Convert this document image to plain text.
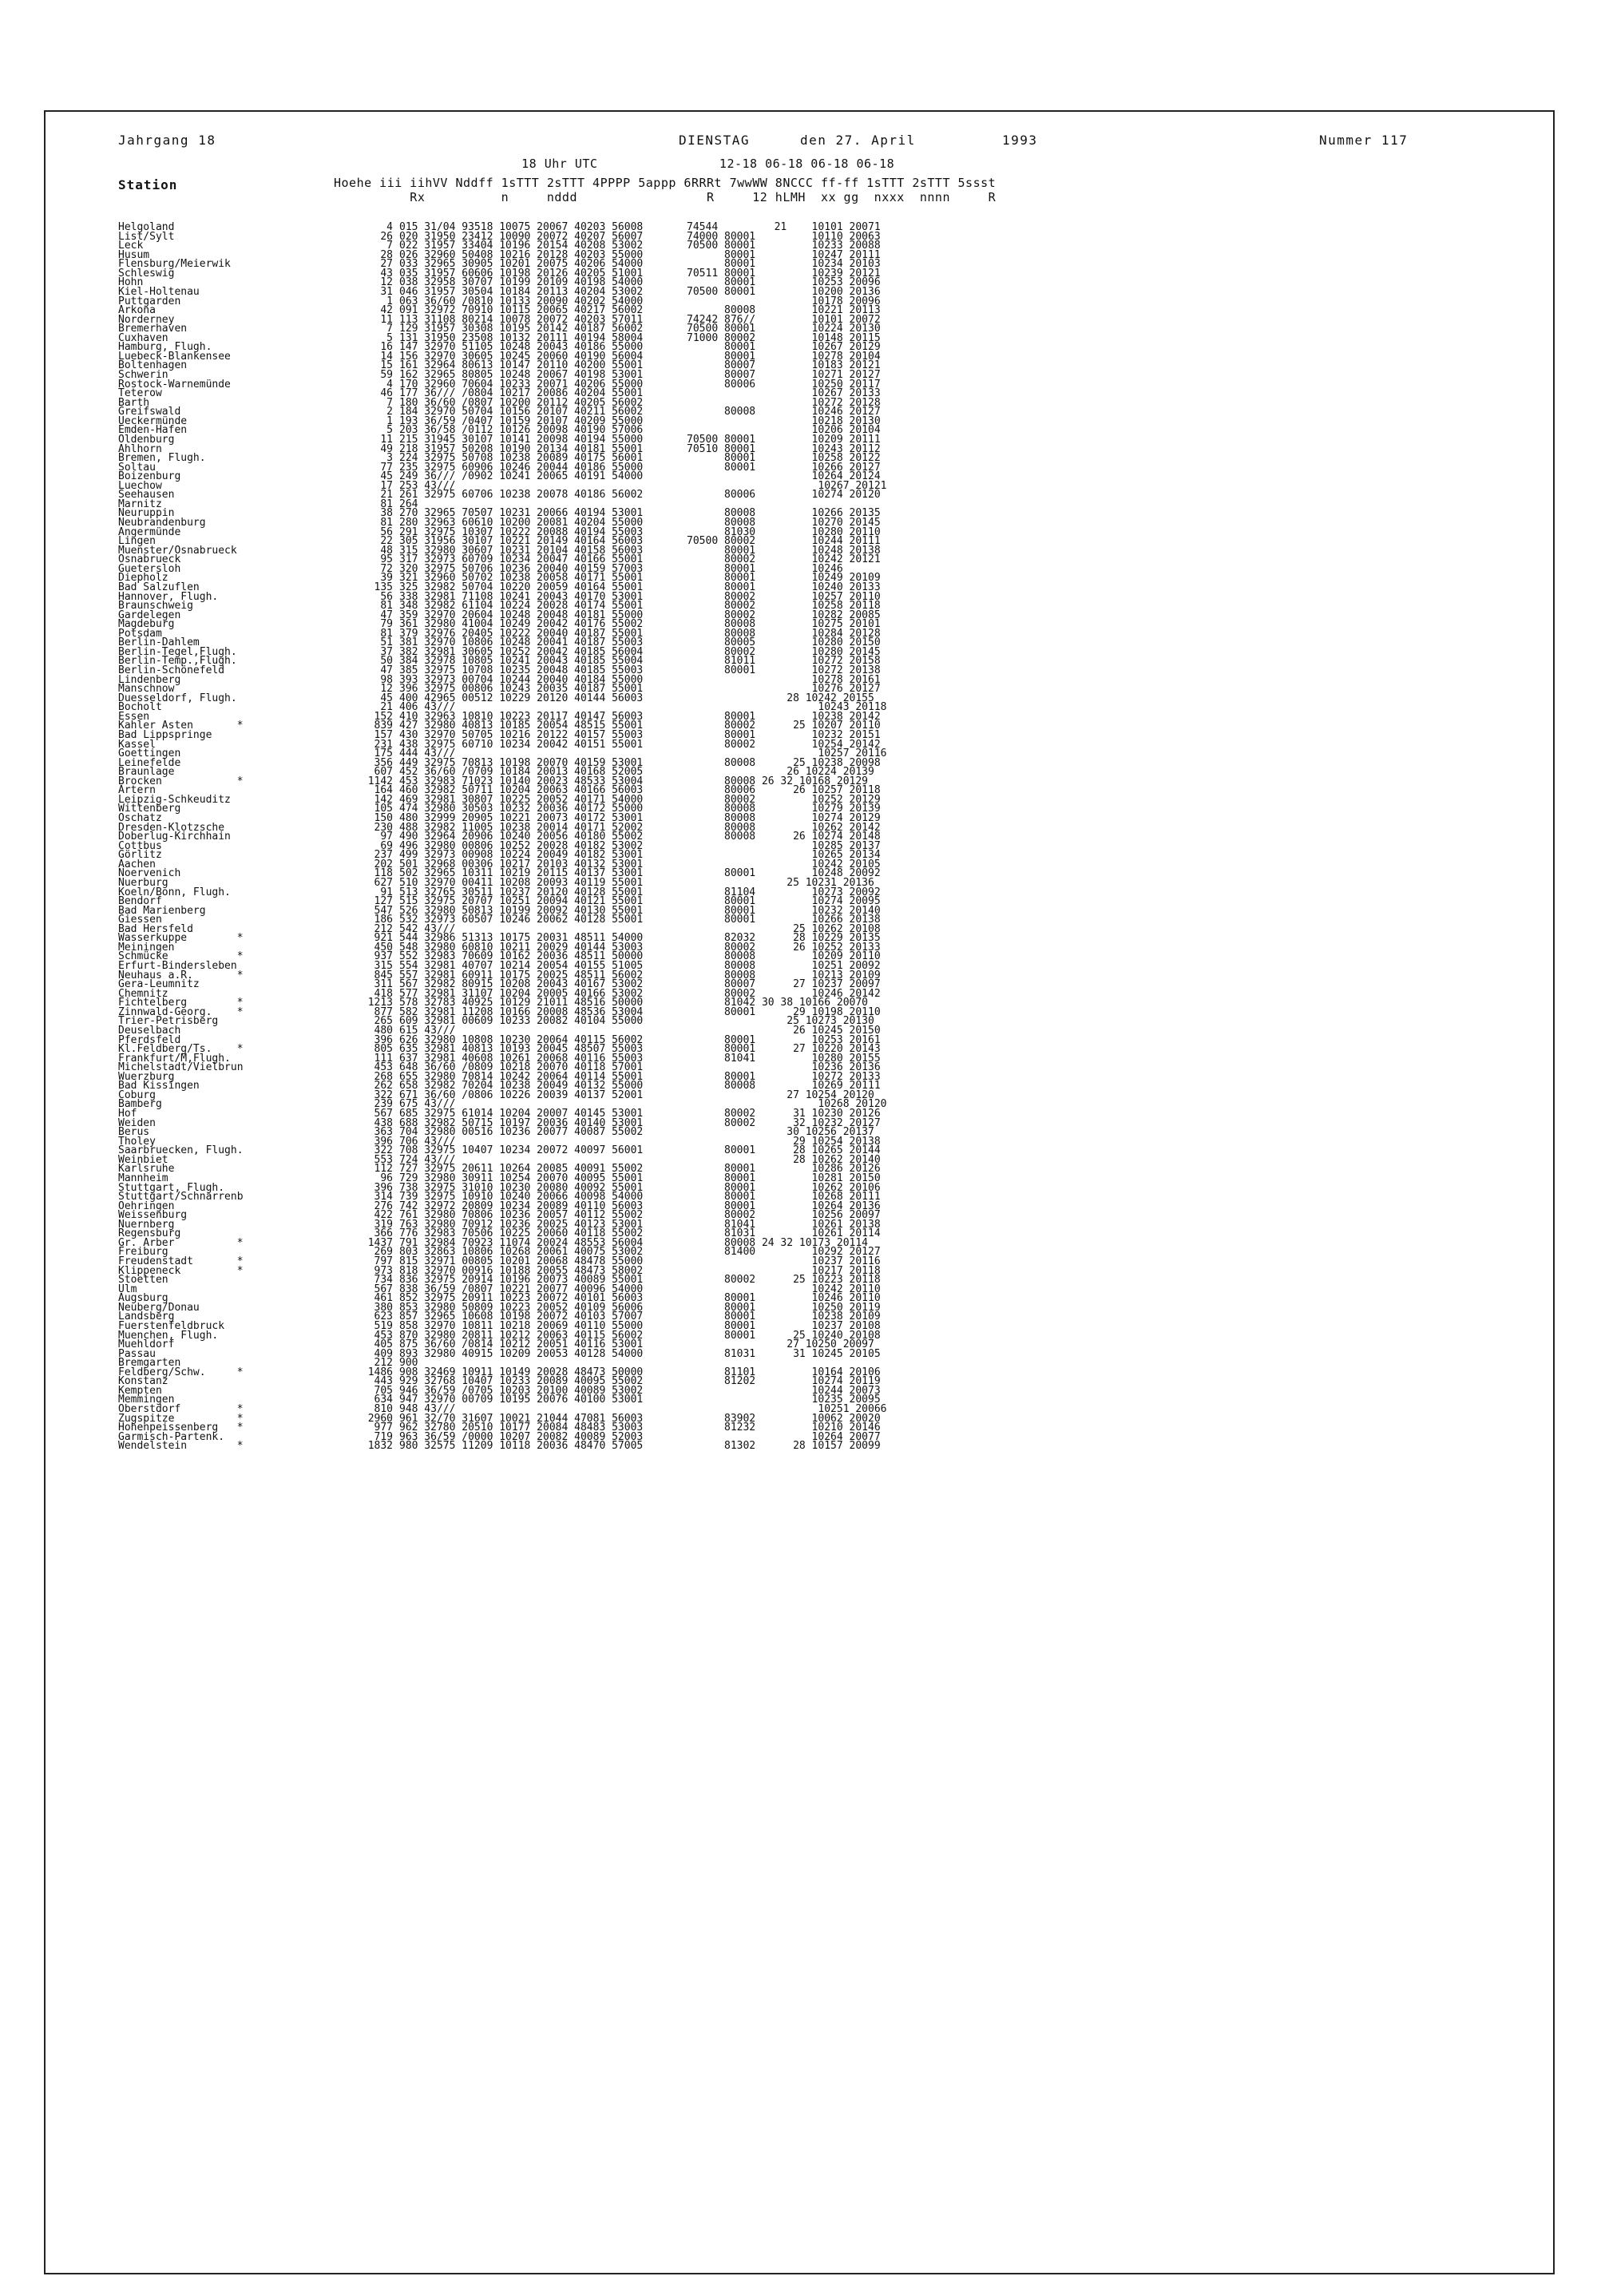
Jahrgang 18	DIENSTAG	den 27. April	1993	Nummer 117
18 Uhr UTC                12-18 06-18 06-18 06-18
Station	Hoehe iii iihVV Nddff 1sTTT 2sTTT 4PPPP 5appp 6RRRt 7wwWW 8NCCC ff-ff 1sTTT 2sTTT 5ssst
Rx          n     nddd                 R     12 hLMH  xx gg  nxxx  nnnn     R
Helgoland	4 015 31/04 93518 10075 20067 40203 56008       74544         21    10101 20071
List/Sylt	26 020 31950 23412 10090 20072 40207 56007       74000 80001         10110 20063
Leck	7 022 31957 33404 10196 20154 40208 53002       70500 80001         10233 20088
Husum	28 026 32960 50408 10216 20128 40203 55000             80001         10247 20111
Flensburg/Meierwik	27 033 32965 30905 10201 20075 40206 54000             80001         10234 20103
Schleswig	43 035 31957 60606 10198 20126 40205 51001       70511 80001         10239 20121
Hohn	12 038 32958 30707 10199 20109 40198 54000             80001         10253 20096
Kiel-Holtenau	31 046 31957 30504 10184 20113 40204 53002       70500 80001         10200 20136
Puttgarden	1 063 36/60 /0810 10133 20090 40202 54000                           10178 20096
Arkona	42 091 32972 70910 10115 20065 40217 56002             80008         10221 20113
Norderney	11 113 31108 80214 10078 20072 40203 57011       74242 876//         10101 20072
Bremerhaven	7 129 31957 30308 10195 20142 40187 56002       70500 80001         10224 20130
Cuxhaven	5 131 31950 23508 10132 20111 40194 58004       71000 80002         10148 20115
Hamburg, Flugh.	16 147 32970 51105 10248 20043 40186 55000             80001         10267 20129
Luebeck-Blankensee	14 156 32970 30605 10245 20060 40190 56004             80001         10278 20104
Boltenhagen	15 161 32964 80613 10147 20110 40200 55001             80007         10183 20121
Schwerin	59 162 32965 80805 10248 20067 40198 53001             80007         10271 20127
Rostock-Warnemünde	4 170 32960 70604 10233 20071 40206 55000             80006         10250 20117
Teterow	46 177 36/// /0804 10217 20086 40204 55001                           10267 20133
Barth	7 180 36/60 /0807 10200 20112 40205 56002                           10272 20128
Greifswald	2 184 32970 50704 10156 20107 40211 56002             80008         10246 20127
Ueckermünde	1 193 36/59 /0407 10159 20107 40209 55000                           10218 20130
Emden-Hafen	5 203 36/58 /0112 10126 20098 40190 57006                           10206 20104
Oldenburg	11 215 31945 30107 10141 20098 40194 55000       70500 80001         10209 20111
Ahlhorn	49 218 31957 50208 10190 20134 40181 55001       70510 80001         10243 20112
Bremen, Flugh.	3 224 32975 50708 10238 20089 40175 56001             80001         10258 20122
Soltau	77 235 32975 60906 10246 20044 40186 55000             80001         10266 20127
Boizenburg	45 249 36/// /0902 10241 20065 40191 54000                           10264 20124
Luechow	17 253 43///                                                          10267 20121
Seehausen	21 261 32975 60706 10238 20078 40186 56002             80006         10274 20120
Marnitz	81 264
Neuruppin	38 270 32965 70507 10231 20066 40194 53001             80008         10266 20135
Neubrandenburg	81 280 32963 60610 10200 20081 40204 55000             80008         10270 20145
Angermünde	56 291 32975 10307 10222 20088 40194 55003             81030         10280 20110
Lingen	22 305 31956 30107 10221 20149 40164 56003       70500 80002         10244 20111
Muenster/Osnabrueck	48 315 32980 30607 10231 20104 40158 56003             80001         10248 20138
Osnabrueck	95 317 32973 60709 10234 20047 40166 55001             80002         10242 20121
Guetersloh	72 320 32975 50706 10236 20040 40159 57003             80001         10246
Diepholz	39 321 32960 50702 10238 20058 40171 55001             80001         10249 20109
Bad Salzuflen	135 325 32982 50704 10220 20059 40164 55001             80001         10240 20133
Hannover, Flugh.	56 338 32981 71108 10241 20043 40170 53001             80002         10257 20110
Braunschweig	81 348 32982 61104 10224 20028 40174 55001             80002         10258 20118
Gardelegen	47 359 32970 20604 10248 20048 40181 55000             80002         10282 20085
Magdeburg	79 361 32980 41004 10249 20042 40176 55002             80008         10275 20101
Potsdam	81 379 32976 20405 10222 20040 40187 55001             80008         10284 20128
Berlin-Dahlem	51 381 32970 10806 10248 20041 40187 55003             80005         10280 20150
Berlin-Tegel,Flugh.	37 382 32981 30605 10252 20042 40185 56004             80002         10280 20145
Berlin-Temp.,Flugh.	50 384 32978 10805 10241 20043 40185 55004             81011         10272 20158
Berlin-Schönefeld	47 385 32975 10708 10235 20048 40185 55003             80001         10272 20138
Lindenberg	98 393 32973 00704 10244 20040 40184 55000                           10278 20161
Manschnow	12 396 32975 00806 10243 20035 40187 55001                           10276 20127
Duesseldorf, Flugh.	45 400 42965 00512 10229 20120 40144 56003                       28 10242 20155
Bocholt	21 406 43///                                                          10243 20118
Essen	152 410 32963 10810 10223 20117 40147 56003             80001         10238 20142
Kahler Asten       *	839 427 32980 40813 10185 20054 48515 55001             80002      25 10207 20110
Bad Lippspringe	157 430 32970 50705 10216 20122 40157 55003             80001         10232 20151
Kassel	231 438 32975 60710 10234 20042 40151 55001             80002         10254 20142
Goettingen	175 444 43///                                                          10257 20116
Leinefelde	356 449 32975 70813 10198 20070 40159 53001             80008      25 10238 20098
Braunlage	607 452 36/60 /0709 10184 20013 40168 52005                       26 10224 20139
Brocken            *	1142 453 32983 71023 10140 20023 48533 53004             80008 26 32 10168 20129
Artern	164 460 32982 50711 10204 20063 40166 56003             80006      26 10257 20118
Leipzig-Schkeuditz	142 469 32981 30807 10225 20052 40171 54000             80002         10252 20129
Wittenberg	105 474 32980 30503 10232 20036 40172 55000             80008         10279 20139
Oschatz	150 480 32999 20905 10221 20073 40172 53001             80008         10274 20129
Dresden-Klotzsche	230 488 32982 11005 10238 20014 40171 52002             80008         10262 20142
Doberlug-Kirchhain	97 490 32964 20906 10240 20056 40180 55002             80008      26 10274 20148
Cottbus	69 496 32980 00806 10252 20028 40182 53002                           10285 20137
Görlitz	237 499 32973 00908 10224 20049 40182 53001                           10265 20134
Aachen	202 501 32968 00306 10217 20103 40132 53001                           10242 20105
Noervenich	118 502 32965 10311 10219 20115 40137 53001             80001         10248 20092
Nuerburg	627 510 32970 00411 10208 20093 40119 55001                       25 10231 20136
Koeln/Bonn, Flugh.	91 513 32765 30511 10237 20120 40128 55001             81104         10273 20092
Bendorf	127 515 32975 20707 10251 20094 40121 55001             80001         10274 20095
Bad Marienberg	547 526 32980 50813 10199 20092 40130 55001             80001         10232 20140
Giessen	186 532 32973 60507 10246 20062 40128 55001             80001         10266 20138
Bad Hersfeld	212 542 43///                                                      25 10262 20108
Wasserkuppe        *	921 544 32986 51313 10175 20031 48511 54000             82032      28 10229 20135
Meiningen	450 548 32980 60810 10211 20029 40144 53003             80002      26 10252 20133
Schmücke           *	937 552 32983 70609 10162 20036 48511 50000             80008         10209 20110
Erfurt-Bindersleben	315 554 32981 40707 10214 20054 40155 51005             80008         10251 20092
Neuhaus a.R.       *	845 557 32981 60911 10175 20025 48511 56002             80008         10213 20109
Gera-Leumnitz	311 567 32982 80915 10208 20043 40167 53002             80007      27 10237 20097
Chemnitz	418 577 32981 31107 10204 20005 40166 53002             80002         10246 20142
Fichtelberg        *	1213 578 32783 40925 10129 21011 48516 50000             81042 30 38 10166 20070
Zinnwald-Georg.    *	877 582 32981 11208 10166 20008 48536 53004             80001      29 10198 20110
Trier-Petrisberg	265 609 32981 00609 10233 20082 40104 55000                       25 10273 20130
Deuselbach	480 615 43///                                                      26 10245 20150
Pferdsfeld	396 626 32980 10808 10230 20064 40115 56002             80001         10253 20161
Kl.Feldberg/Ts.    *	805 635 32981 40813 10193 20045 48507 55003             80001      27 10220 20143
Frankfurt/M,Flugh.	111 637 32981 40608 10261 20068 40116 55003             81041         10280 20155
Michelstadt/Vielbrun	453 648 36/60 /0809 10218 20070 40118 57001                           10236 20136
Wuerzburg	268 655 32980 70814 10242 20064 40114 55001             80001         10272 20133
Bad Kissingen	262 658 32982 70204 10238 20049 40132 55000             80008         10269 20111
Coburg	322 671 36/60 /0806 10226 20039 40137 52001                       27 10254 20120
Bamberg	239 675 43///                                                          10268 20120
Hof	567 685 32975 61014 10204 20007 40145 53001             80002      31 10230 20126
Weiden	438 688 32982 50715 10197 20036 40140 53001             80002      32 10232 20127
Berus	363 704 32980 00516 10236 20077 40087 55002                       30 10256 20137
Tholey	396 706 43///                                                      29 10254 20138
Saarbruecken, Flugh.	322 708 32975 10407 10234 20072 40097 56001             80001      28 10265 20144
Weinbiet	553 724 43///                                                      28 10262 20140
Karlsruhe	112 727 32975 20611 10264 20085 40091 55002             80001         10286 20126
Mannheim	96 729 32980 30911 10254 20070 40095 55001             80001         10281 20150
Stuttgart, Flugh.	396 738 32975 31010 10230 20080 40092 55001             80001         10262 20106
Stuttgart/Schnarrenb	314 739 32975 10910 10240 20066 40098 54000             80001         10268 20111
Oehringen	276 742 32972 20809 10234 20089 40110 56003             80001         10264 20136
Weissenburg	422 761 32980 70806 10236 20057 40112 55002             80002         10256 20097
Nuernberg	319 763 32980 70912 10236 20025 40123 53001             81041         10261 20138
Regensburg	366 776 32983 70506 10225 20060 40118 55002             81031         10261 20114
Gr. Arber          *	1437 791 32984 70923 11074 20024 48553 56004             80008 24 32 10173 20114
Freiburg	269 803 32863 10806 10268 20061 40075 53002             81400         10292 20127
Freudenstadt       *	797 815 32971 00805 10201 20068 48478 55000                           10237 20116
Klippeneck         *	973 818 32970 00916 10188 20055 48473 58002                           10217 20118
Stoetten	734 836 32975 20914 10196 20073 40089 55001             80002      25 10223 20118
Ulm	567 838 36/59 /0807 10221 20077 40096 54000                           10242 20110
Augsburg	461 852 32975 20911 10223 20072 40101 56003             80001         10246 20110
Neuberg/Donau	380 853 32980 50809 10223 20052 40109 56006             80001         10250 20119
Landsberg	623 857 32965 10608 10198 20072 40103 57007             80001         10238 20109
Fuerstenfeldbruck	519 858 32970 10811 10218 20069 40110 55000             80001         10237 20108
Muenchen, Flugh.	453 870 32980 20811 10212 20063 40115 56002             80001      25 10240 20108
Muehldorf	405 875 36/60 /0814 10212 20051 40116 53001                       27 10250 20097
Passau	409 893 32980 40915 10209 20053 40128 54000             81031      31 10245 20105
Bremgarten	212 900
Feldberg/Schw.     *	1486 908 32469 10911 10149 20028 48473 50000             81101         10164 20106
Konstanz	443 929 32768 10407 10233 20089 40095 55002             81202         10274 20119
Kempten	705 946 36/59 /0705 10203 20100 40089 53002                           10244 20073
Memmingen	634 947 32970 00709 10195 20076 40100 53001                           10235 20095
Oberstdorf         *	810 948 43///                                                          10251 20066
Zugspitze          *	2960 961 32/70 31607 10021 21044 47081 56003             83902         10062 20020
Hohenpeissenberg   *	977 962 32780 20510 10177 20084 48483 53003             81232         10210 20146
Garmisch-Partenk.	719 963 36/59 /0000 10207 20082 40089 52003                           10264 20077
Wendelstein        *	1832 980 32575 11209 10118 20036 48470 57005             81302      28 10157 20099
